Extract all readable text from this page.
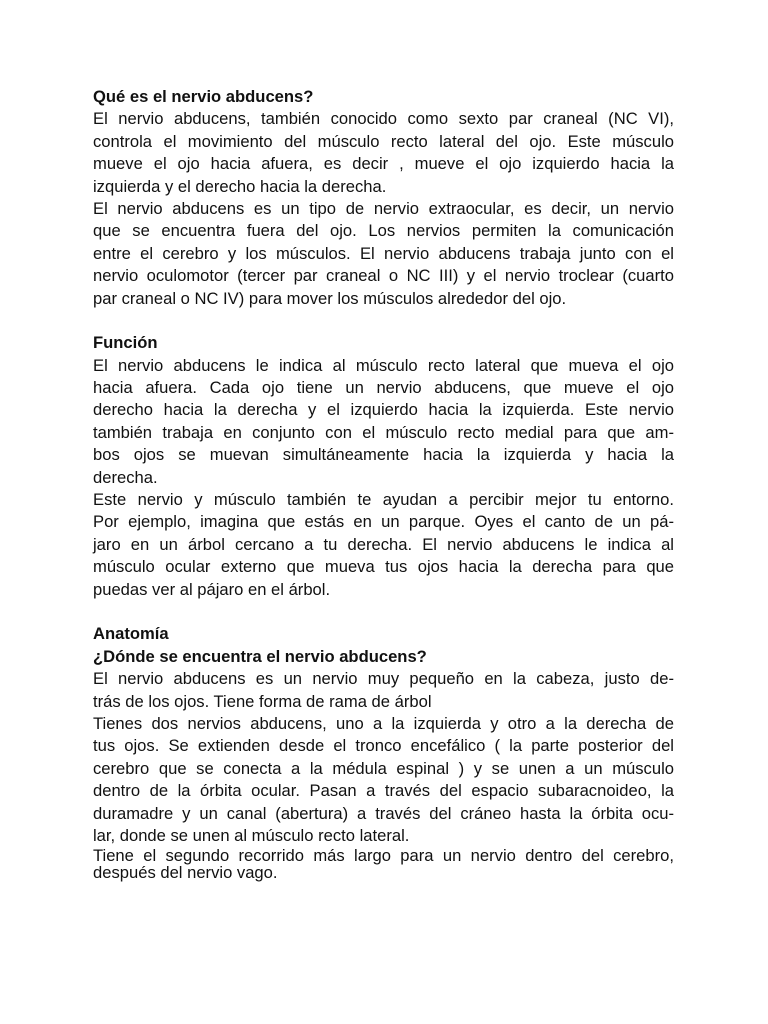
Qué es el nervio abducens?
El nervio abducens, también conocido como sexto par craneal (NC VI),
controla el movimiento del músculo recto lateral del ojo. Este músculo
mueve el ojo hacia afuera, es decir , mueve el ojo izquierdo hacia la
izquierda y el derecho hacia la derecha.
El nervio abducens es un tipo de nervio extraocular, es decir, un nervio
que se encuentra fuera del ojo. Los nervios permiten la comunicación
entre el cerebro y los músculos. El nervio abducens trabaja junto con el
nervio oculomotor (tercer par craneal o NC III) y el nervio troclear (cuarto
par craneal o NC IV) para mover los músculos alrededor del ojo.
Función
El nervio abducens le indica al músculo recto lateral que mueva el ojo
hacia afuera. Cada ojo tiene un nervio abducens, que mueve el ojo
derecho hacia la derecha y el izquierdo hacia la izquierda. Este nervio
también trabaja en conjunto con el músculo recto medial para que am-
bos ojos se muevan simultáneamente hacia la izquierda y hacia la
derecha.
Este nervio y músculo también te ayudan a percibir mejor tu entorno.
Por ejemplo, imagina que estás en un parque. Oyes el canto de un pá-
jaro en un árbol cercano a tu derecha. El nervio abducens le indica al
músculo ocular externo que mueva tus ojos hacia la derecha para que
puedas ver al pájaro en el árbol.
Anatomía
¿Dónde se encuentra el nervio abducens?
El nervio abducens es un nervio muy pequeño en la cabeza, justo de-
trás de los ojos. Tiene forma de rama de árbol
Tienes dos nervios abducens, uno a la izquierda y otro a la derecha de
tus ojos. Se extienden desde el tronco encefálico ( la parte posterior del
cerebro que se conecta a la médula espinal ) y se unen a un músculo
dentro de la órbita ocular. Pasan a través del espacio subaracnoideo, la
duramadre y un canal (abertura) a través del cráneo hasta la órbita ocu-
lar, donde se unen al músculo recto lateral.
Tiene el segundo recorrido más largo para un nervio dentro del cerebro,
después del nervio vago.
